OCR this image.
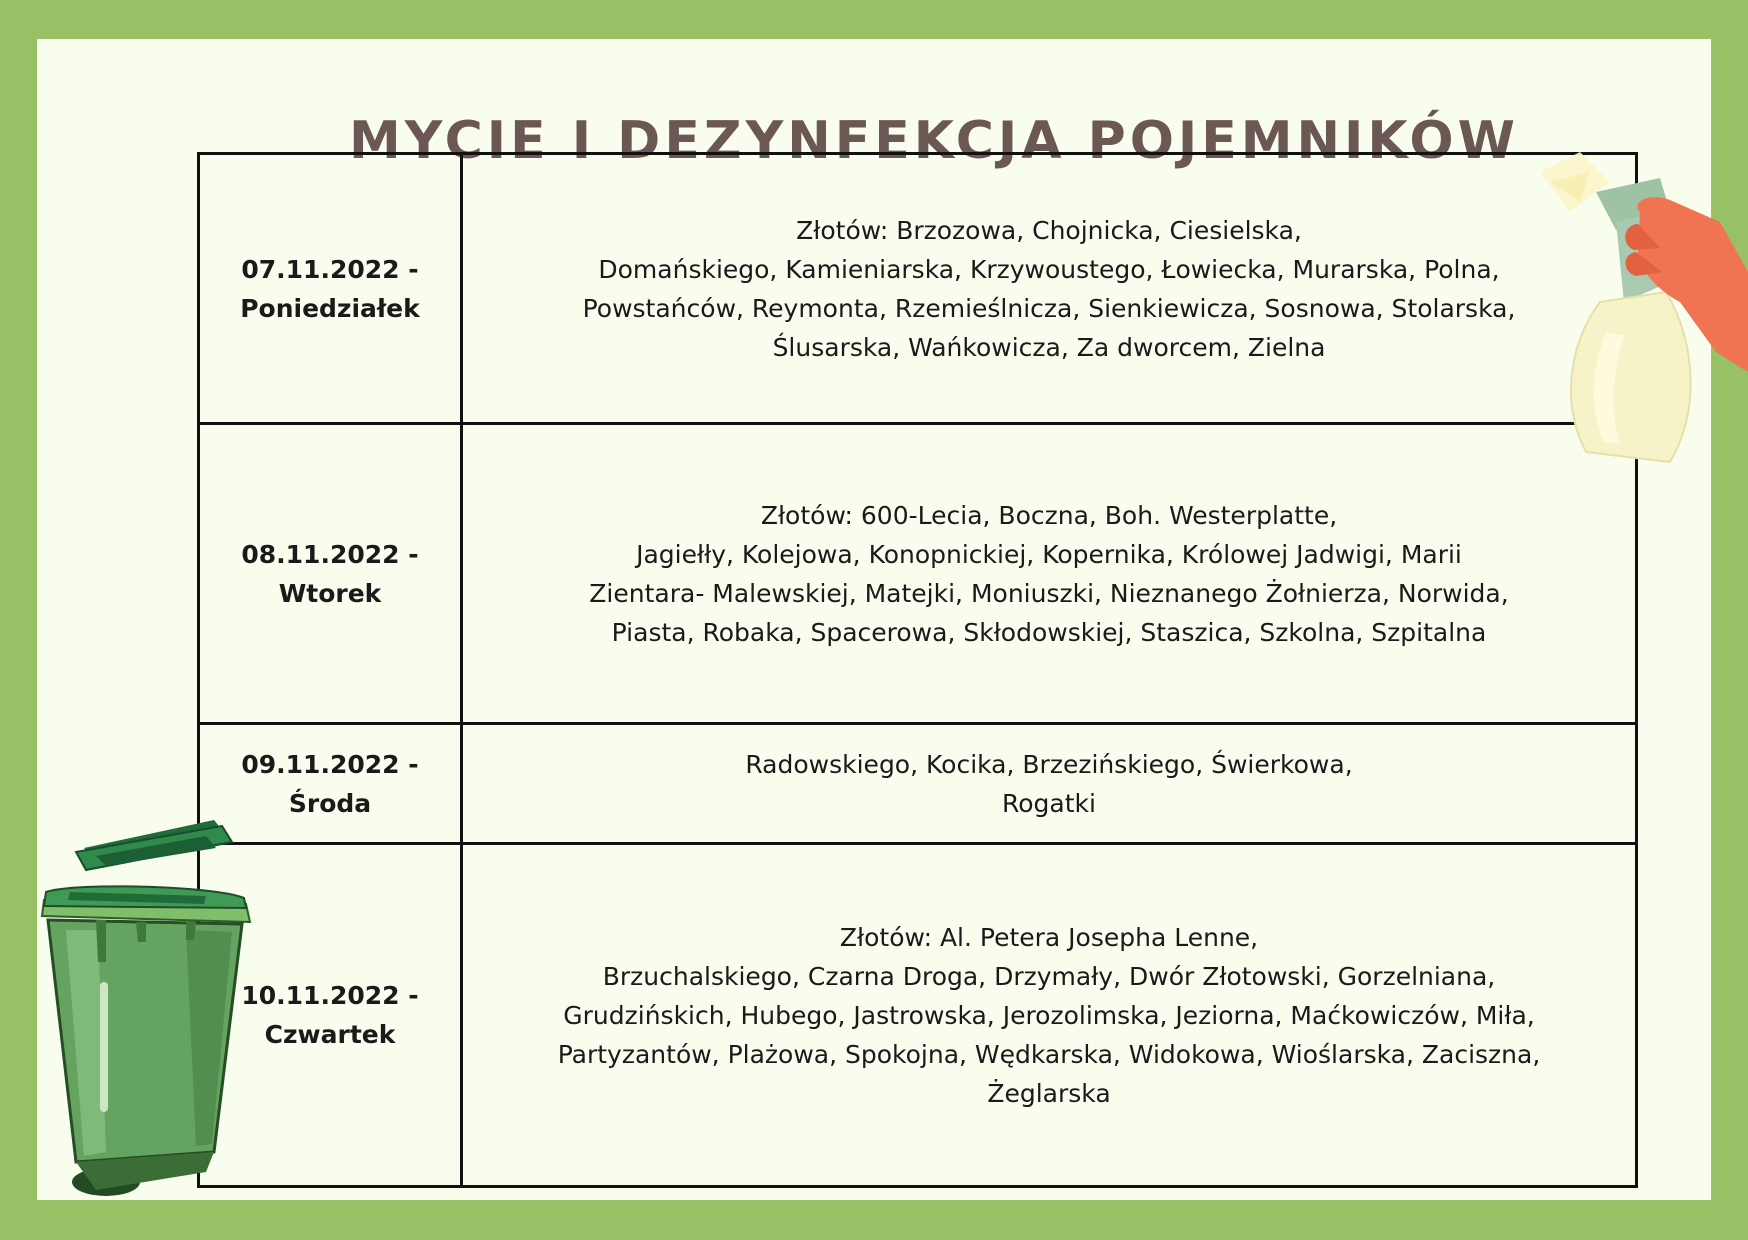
MYCIE I DEZYNFEKCJA POJEMNIKÓW
07.11.2022 -
Poniedziałek	Złotów: Brzozowa, Chojnicka, Ciesielska,
Domańskiego, Kamieniarska, Krzywoustego, Łowiecka, Murarska, Polna,
Powstańców, Reymonta, Rzemieślnicza, Sienkiewicza, Sosnowa, Stolarska,
Ślusarska, Wańkowicza, Za dworcem, Zielna

08.11.2022 -
Wtorek	Złotów: 600-Lecia, Boczna, Boh. Westerplatte,
Jagiełły, Kolejowa, Konopnickiej, Kopernika, Królowej Jadwigi, Marii
Zientara- Malewskiej, Matejki, Moniuszki, Nieznanego Żołnierza, Norwida,
Piasta, Robaka, Spacerowa, Skłodowskiej, Staszica, Szkolna, Szpitalna

09.11.2022 -
Środa	Radowskiego, Kocika, Brzezińskiego, Świerkowa,
Rogatki

10.11.2022 -
Czwartek	Złotów: Al. Petera Josepha Lenne,
Brzuchalskiego, Czarna Droga, Drzymały, Dwór Złotowski, Gorzelniana,
Grudzińskich, Hubego, Jastrowska, Jerozolimska, Jeziorna, Maćkowiczów, Miła,
Partyzantów, Plażowa, Spokojna, Wędkarska, Widokowa, Wioślarska, Zaciszna,
Żeglarska
